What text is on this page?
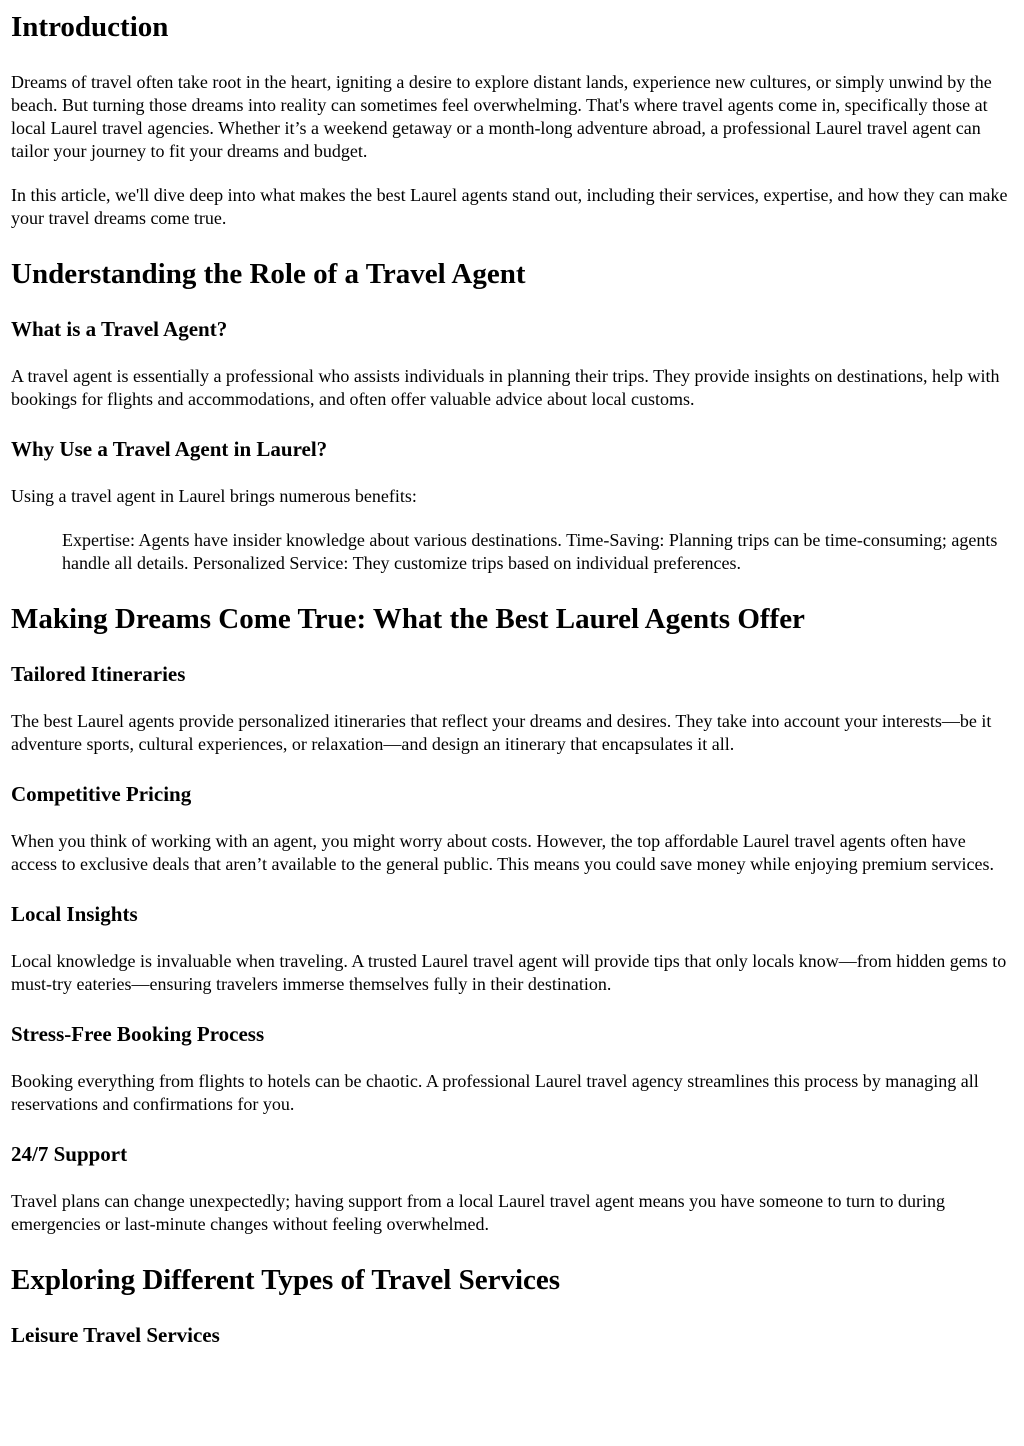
Introduction

Dreams of travel often take root in the heart, igniting a desire to explore distant lands, experience new cultures, or simply unwind by the beach. But turning those dreams into reality can sometimes feel overwhelming. That's where travel agents come in, specifically those at local Laurel travel agencies. Whether it’s a weekend getaway or a month-long adventure abroad, a professional Laurel travel agent can tailor your journey to fit your dreams and budget.

In this article, we'll dive deep into what makes the best Laurel agents stand out, including their services, expertise, and how they can make your travel dreams come true.

Understanding the Role of a Travel Agent
What is a Travel Agent?

A travel agent is essentially a professional who assists individuals in planning their trips. They provide insights on destinations, help with bookings for flights and accommodations, and often offer valuable advice about local customs.

Why Use a Travel Agent in Laurel?

Using a travel agent in Laurel brings numerous benefits:

Expertise: Agents have insider knowledge about various destinations. Time-Saving: Planning trips can be time-consuming; agents handle all details. Personalized Service: They customize trips based on individual preferences.
Making Dreams Come True: What the Best Laurel Agents Offer
Tailored Itineraries

The best Laurel agents provide personalized itineraries that reflect your dreams and desires. They take into account your interests—be it adventure sports, cultural experiences, or relaxation—and design an itinerary that encapsulates it all.

Competitive Pricing

When you think of working with an agent, you might worry about costs. However, the top affordable Laurel travel agents often have access to exclusive deals that aren’t available to the general public. This means you could save money while enjoying premium services.

Local Insights

Local knowledge is invaluable when traveling. A trusted Laurel travel agent will provide tips that only locals know—from hidden gems to must-try eateries—ensuring travelers immerse themselves fully in their destination.

Stress-Free Booking Process

Booking everything from flights to hotels can be chaotic. A professional Laurel travel agency streamlines this process by managing all reservations and confirmations for you.

24/7 Support

Travel plans can change unexpectedly; having support from a local Laurel travel agent means you have someone to turn to during emergencies or last-minute changes without feeling overwhelmed.

Exploring Different Types of Travel Services
Leisure Travel Services
